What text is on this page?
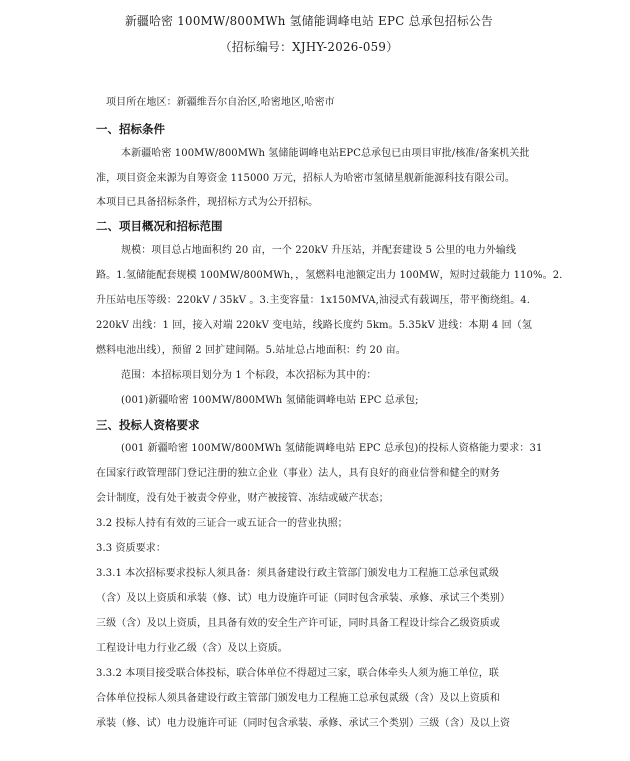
新疆哈密 100MW/800MWh 氢储能调峰电站 EPC 总承包招标公告
（招标编号：XJHY-2026-059）
项目所在地区：新疆维吾尔自治区,哈密地区,哈密市
一、招标条件
本新疆哈密 100MW/800MWh 氢储能调峰电站EPC总承包已由项目审批/核准/备案机关批
准，项目资金来源为自筹资金 115000 万元，招标人为哈密市氢储星舰新能源科技有限公司。
本项目已具备招标条件，现招标方式为公开招标。
二、项目概况和招标范围
规模：项目总占地面积约 20 亩，一个 220kV 升压站，并配套建设 5 公里的电力外输线
路。1.氢储能配套规模 100MW/800MWh，，氢燃料电池额定出力 100MW，短时过载能力 110%。2.
升压站电压等级：220kV / 35kV 。3.主变容量：1x150MVA,油浸式有载调压，带平衡绕组。4.
220kV 出线：1 回，接入对端 220kV 变电站，线路长度约 5km。5.35kV 进线：本期 4 回（氢
燃料电池出线），预留 2 回扩建间隔。5.站址总占地面积：约 20 亩。
范围：本招标项目划分为 1 个标段，本次招标为其中的：
(001)新疆哈密 100MW/800MWh 氢储能调峰电站 EPC 总承包;
三、投标人资格要求
(001 新疆哈密 100MW/800MWh 氢储能调峰电站 EPC 总承包)的投标人资格能力要求：31
在国家行政管理部门登记注册的独立企业（事业）法人，具有良好的商业信誉和健全的财务
会计制度，没有处于被责令停业，财产被接管、冻结或破产状态；
3.2 投标人持有有效的三证合一或五证合一的营业执照；
3.3 资质要求：
3.3.1 本次招标要求投标人须具备：须具备建设行政主管部门颁发电力工程施工总承包贰级
（含）及以上资质和承装（修、试）电力设施许可证（同时包含承装、承修、承试三个类别）
三级（含）及以上资质，且具备有效的安全生产许可证，同时具备工程设计综合乙级资质或
工程设计电力行业乙级（含）及以上资质。
3.3.2 本项目接受联合体投标，联合体单位不得超过三家，联合体牵头人须为施工单位，联
合体单位投标人须具备建设行政主管部门颁发电力工程施工总承包贰级（含）及以上资质和
承装（修、试）电力设施许可证（同时包含承装、承修、承试三个类别）三级（含）及以上资
